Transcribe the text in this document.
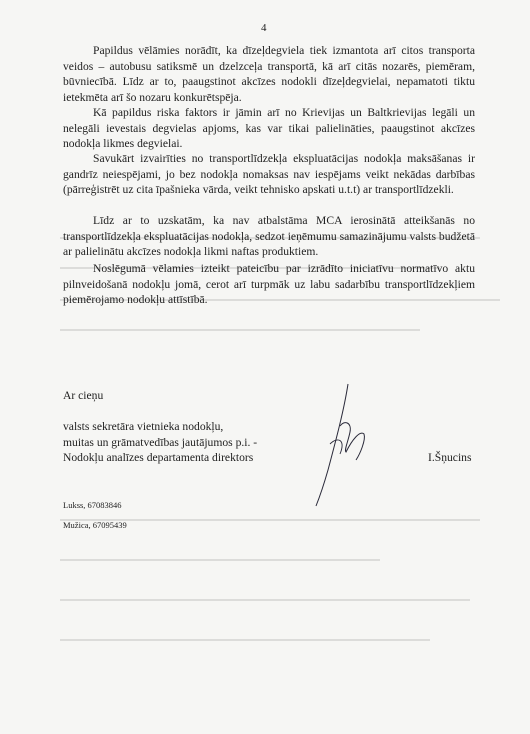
4

Papildus vēlāmies norādīt, ka dīzeļdegviela tiek izmantota arī citos transporta veidos – autobusu satiksmē un dzelzceļa transportā, kā arī citās nozarēs, piemēram, būvniecībā. Līdz ar to, paaugstinot akcīzes nodokli dīzeļdegvielai, nepamatoti tiktu ietekmēta arī šo nozaru konkurētspēja.

Kā papildus riska faktors ir jāmin arī no Krievijas un Baltkrievijas legāli un nelegāli ievestais degvielas apjoms, kas var tikai palielināties, paaugstinot akcīzes nodokļa likmes degvielai.

Savukārt izvairīties no transportlīdzekļa ekspluatācijas nodokļa maksāšanas ir gandrīz neiespējami, jo bez nodokļa nomaksas nav iespējams veikt nekādas darbības (pārreģistrēt uz cita īpašnieka vārda, veikt tehnisko apskati u.t.t) ar transportlīdzekli.

Līdz ar to uzskatām, ka nav atbalstāma MCA ierosinātā atteikšanās no transportlīdzekļa ekspluatācijas nodokļa, sedzot ieņēmumu samazinājumu valsts budžetā ar palielinātu akcīzes nodokļa likmi naftas produktiem.

Noslēgumā vēlamies izteikt pateicību par izrādīto iniciatīvu normatīvo aktu pilnveidošanā nodokļu jomā, cerot arī turpmāk uz labu sadarbību transportlīdzekļiem piemērojamo nodokļu attīstībā.

Ar cieņu
valsts sekretāra vietnieka nodokļu,
muitas un grāmatvedības jautājumos p.i. -
Nodokļu analīzes departamenta direktors	I.Šņucins
Lukss, 67083846
Mužica, 67095439
